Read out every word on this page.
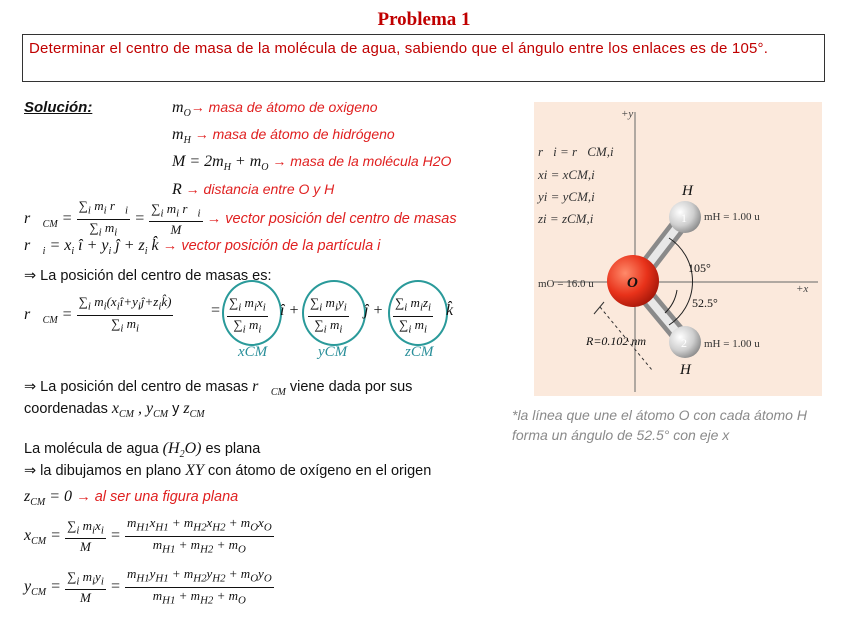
Problema 1
Determinar el centro de masa de la molécula de agua, sabiendo que el ángulo entre los enlaces es de 105°.
Solución:	$m_O\to$ masa de átomo de oxigeno
$m_H$ → masa de átomo de hidrógeno
$M = 2m_H + m_O$ → masa de la molécula H2O
R → distancia entre O y H
$r⃗_{CM} = \frac{\sum_i m_i r⃗_i}{\sum_i m_i} = \frac{\sum_i m_i r⃗_i}{M}$ → vector posición del centro de masas
$r⃗_i = x_i$ î + $y_i$ ĵ + $z_i$ k̂ → vector posición de la partícula i
⇒ La posición del centro de masas es:
$r⃗_{CM} = \frac{\sum_i m_i(x_iî+y_iĵ+z_ik̂)}{\sum_i m_i} = \frac{\sum_i m_ix_i}{\sum_i m_i}$ î + $\frac{\sum_i m_iy_i}{\sum_i m_i}$ ĵ + $\frac{\sum_i m_iz_i}{\sum_i m_i}$ k̂
xCM	yCM	zCM
⇒ La posición del centro de masas $r⃗_{CM}$ viene dada por sus
coordenadas $x_{CM}$ , $y_{CM}$ y $z_{CM}$
La molécula de agua $(H_2O)$ es plana
⇒ la dibujamos en plano XY con átomo de oxígeno en el origen
$z_{CM} = 0$ → al ser una figura plana
$x_{CM} = \frac{\sum_i m_ix_i}{M} = \frac{m_{H1}x_{H1} + m_{H2}x_{H2} + m_Ox_O}{m_{H1} + m_{H2} + m_O}$
$y_{CM} = \frac{\sum_i m_iy_i}{M} = \frac{m_{H1}y_{H1} + m_{H2}y_{H2} + m_Oy_O}{m_{H1} + m_{H2} + m_O}$
+y
+x
1
2
O
H
H
mH = 1.00 u
mH = 1.00 u
mO = 16.0 u
r⃗i = r⃗CM,i
xi = xCM,i
yi = yCM,i
zi = zCM,i
105°
52.5°
R=0.102 nm
*la línea que une el átomo O con cada átomo H forma un ángulo de 52.5° con eje x
